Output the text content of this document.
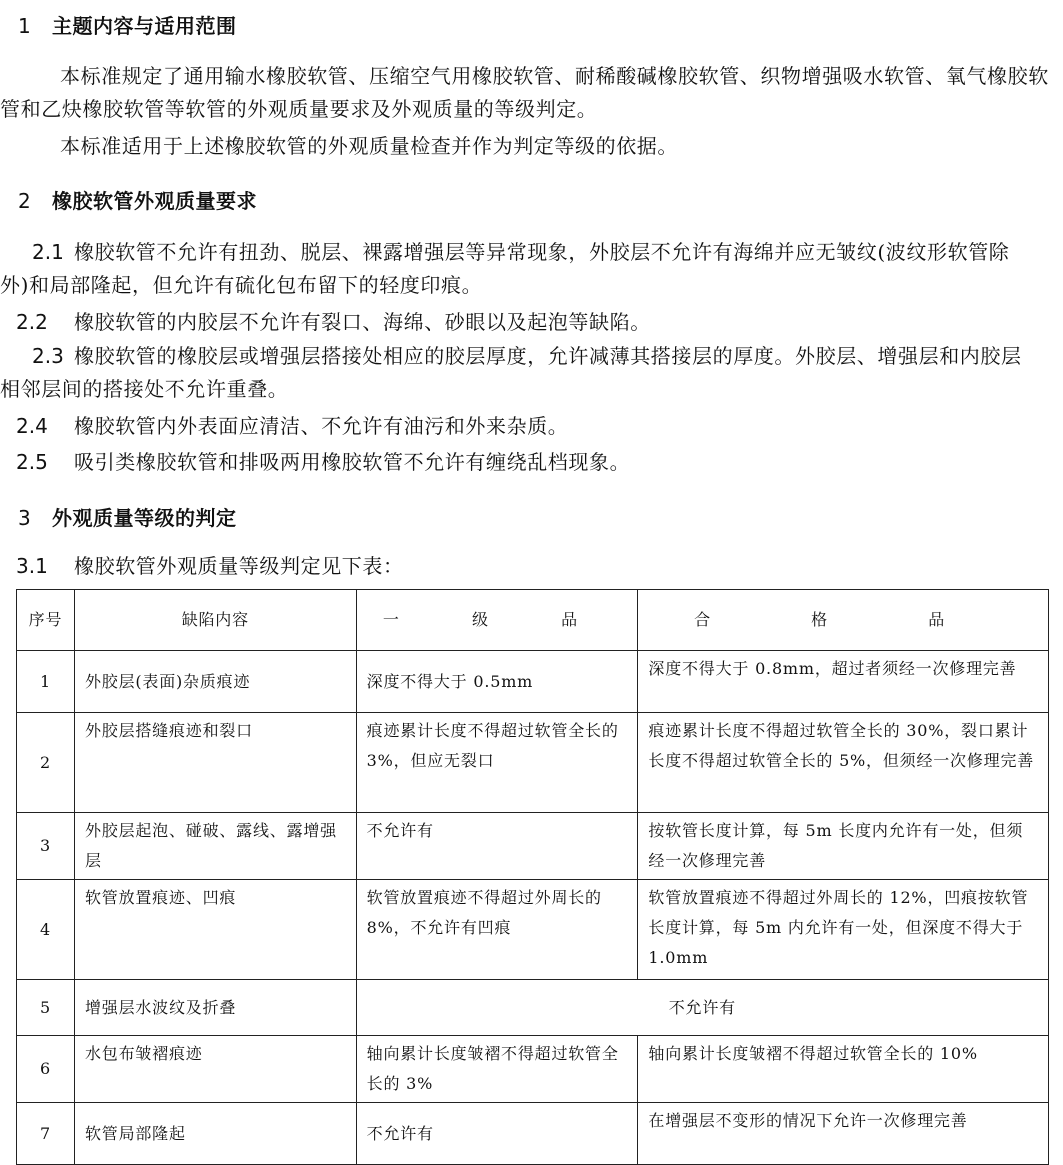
1 主题内容与适用范围
本标准规定了通用输水橡胶软管、压缩空气用橡胶软管、耐稀酸碱橡胶软管、织物增强吸水软管、氧气橡胶软管和乙炔橡胶软管等软管的外观质量要求及外观质量的等级判定。
本标准适用于上述橡胶软管的外观质量检查并作为判定等级的依据。
2 橡胶软管外观质量要求
2.1 橡胶软管不允许有扭劲、脱层、裸露增强层等异常现象，外胶层不允许有海绵并应无皱纹(波纹形软管除外)和局部隆起，但允许有硫化包布留下的轻度印痕。
2.2 橡胶软管的内胶层不允许有裂口、海绵、砂眼以及起泡等缺陷。
2.3 橡胶软管的橡胶层或增强层搭接处相应的胶层厚度，允许减薄其搭接层的厚度。外胶层、增强层和内胶层相邻层间的搭接处不允许重叠。
2.4 橡胶软管内外表面应清洁、不允许有油污和外来杂质。
2.5 吸引类橡胶软管和排吸两用橡胶软管不允许有缠绕乱档现象。
3 外观质量等级的判定
3.1 橡胶软管外观质量等级判定见下表：
序号	缺陷内容	一 级 品	合 格 品
1	外胶层(表面)杂质痕迹	深度不得大于 0.5mm	深度不得大于 0.8mm，超过者须经一次修理完善
2	外胶层搭缝痕迹和裂口	痕迹累计长度不得超过软管全长的 3%，但应无裂口	痕迹累计长度不得超过软管全长的 30%，裂口累计长度不得超过软管全长的 5%，但须经一次修理完善
3	外胶层起泡、碰破、露线、露增强层	不允许有	按软管长度计算，每 5m 长度内允许有一处，但须经一次修理完善
4	软管放置痕迹、凹痕	软管放置痕迹不得超过外周长的 8%，不允许有凹痕	软管放置痕迹不得超过外周长的 12%，凹痕按软管长度计算，每 5m 内允许有一处，但深度不得大于 1.0mm
5	增强层水波纹及折叠	不允许有	
6	水包布皱褶痕迹	轴向累计长度皱褶不得超过软管全长的 3%	轴向累计长度皱褶不得超过软管全长的 10%
7	软管局部隆起	不允许有	在增强层不变形的情况下允许一次修理完善
